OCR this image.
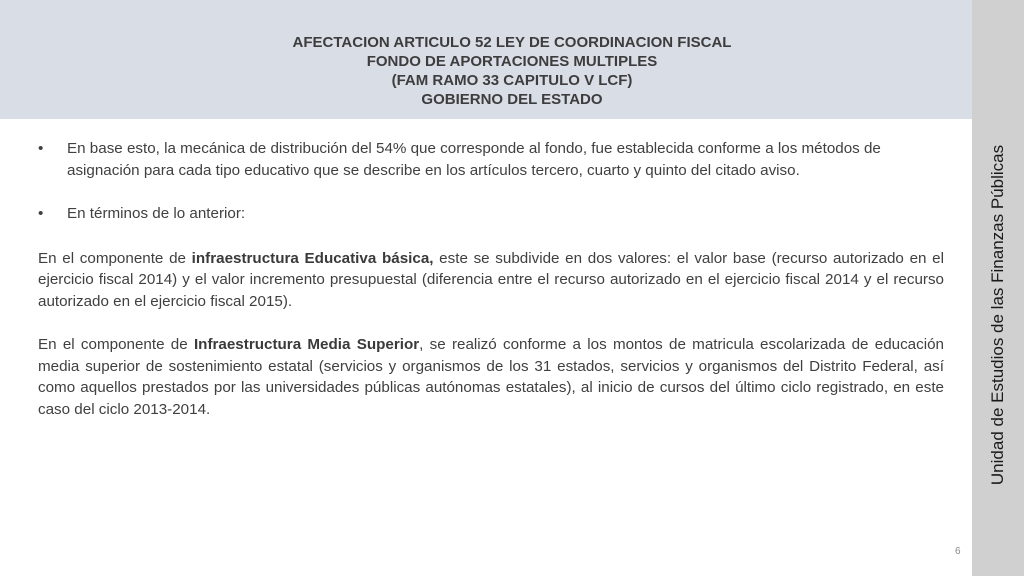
AFECTACION ARTICULO 52 LEY DE COORDINACION FISCAL
FONDO DE APORTACIONES MULTIPLES
(FAM RAMO 33 CAPITULO V LCF)
GOBIERNO DEL ESTADO
Unidad de Estudios de las Finanzas Públicas

• En base esto, la mecánica de distribución del 54% que corresponde al fondo, fue establecida conforme a los métodos de asignación para cada tipo educativo que se describe en los artículos tercero, cuarto y quinto del citado aviso.

• En términos de lo anterior:

En el componente de infraestructura Educativa básica, este se subdivide en dos valores: el valor base (recurso autorizado en el ejercicio fiscal 2014) y el valor incremento presupuestal (diferencia entre el recurso autorizado en el ejercicio fiscal 2014 y el recurso autorizado en el ejercicio fiscal 2015).

En el componente de Infraestructura Media Superior, se realizó conforme a los montos de matricula escolarizada de educación media superior de sostenimiento estatal (servicios y organismos de los 31 estados, servicios y organismos del Distrito Federal, así como aquellos prestados por las universidades públicas autónomas estatales), al inicio de cursos del último ciclo registrado, en este caso del ciclo 2013-2014.

6
